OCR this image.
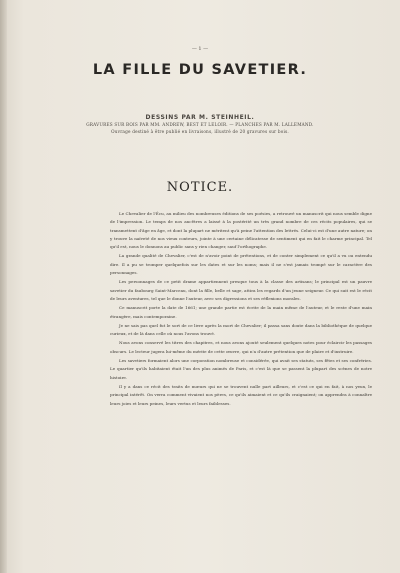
— 1 —
LA FILLE DU SAVETIER.
DESSINS PAR M. STEINHEIL.
GRAVURES SUR BOIS PAR MM. ANDREW, BEST ET LELOIR. — PLANCHES PAR M. LALLEMAND.
Ouvrage destiné à être publié en livraisons, illustré de 20 gravures sur bois.
NOTICE.

Le Chevalier de l'Écu, au milieu des nombreuses éditions de ses poésies, a retrouvé un manuscrit qui nous semble digne de l'impression. Le temps de nos ancêtres a laissé à la postérité un très grand nombre de ces récits populaires, qui se transmettent d'âge en âge, et dont la plupart ne méritent qu'à peine l'attention des lettrés. Celui-ci est d'une autre nature; on y trouve la naïveté de nos vieux conteurs, jointe à une certaine délicatesse de sentiment qui en fait le charme principal. Tel qu'il est, nous le donnons au public sans y rien changer, sauf l'orthographe.

La grande qualité de Chevalier, c'est de n'avoir point de prétentions, et de conter simplement ce qu'il a vu ou entendu dire. Il a pu se tromper quelquefois sur les dates et sur les noms; mais il ne s'est jamais trompé sur le caractère des personnages.

Les personnages de ce petit drame appartiennent presque tous à la classe des artisans; le principal est un pauvre savetier du faubourg Saint-Marceau, dont la fille, belle et sage, attira les regards d'un jeune seigneur. Ce qui suit est le récit de leurs aventures, tel que le donne l'auteur, avec ses digressions et ses réflexions morales.

Ce manuscrit porte la date de 1661; une grande partie est écrite de la main même de l'auteur, et le reste d'une main étrangère, mais contemporaine.

Je ne sais pas quel fut le sort de ce livre après la mort de Chevalier; il passa sans doute dans la bibliothèque de quelque curieux, et de là dans celle où nous l'avons trouvé.

Nous avons conservé les titres des chapitres, et nous avons ajouté seulement quelques notes pour éclaircir les passages obscurs. Le lecteur jugera lui-même du mérite de cette œuvre, qui n'a d'autre prétention que de plaire et d'instruire.

Les savetiers formaient alors une corporation nombreuse et considérée, qui avait ses statuts, ses fêtes et ses confréries. Le quartier qu'ils habitaient était l'un des plus animés de Paris, et c'est là que se passent la plupart des scènes de notre histoire.

Il y a dans ce récit des traits de mœurs qui ne se trouvent nulle part ailleurs, et c'est ce qui en fait, à nos yeux, le principal intérêt. On verra comment vivaient nos pères, ce qu'ils aimaient et ce qu'ils craignaient; on apprendra à connaître leurs joies et leurs peines, leurs vertus et leurs faiblesses.
